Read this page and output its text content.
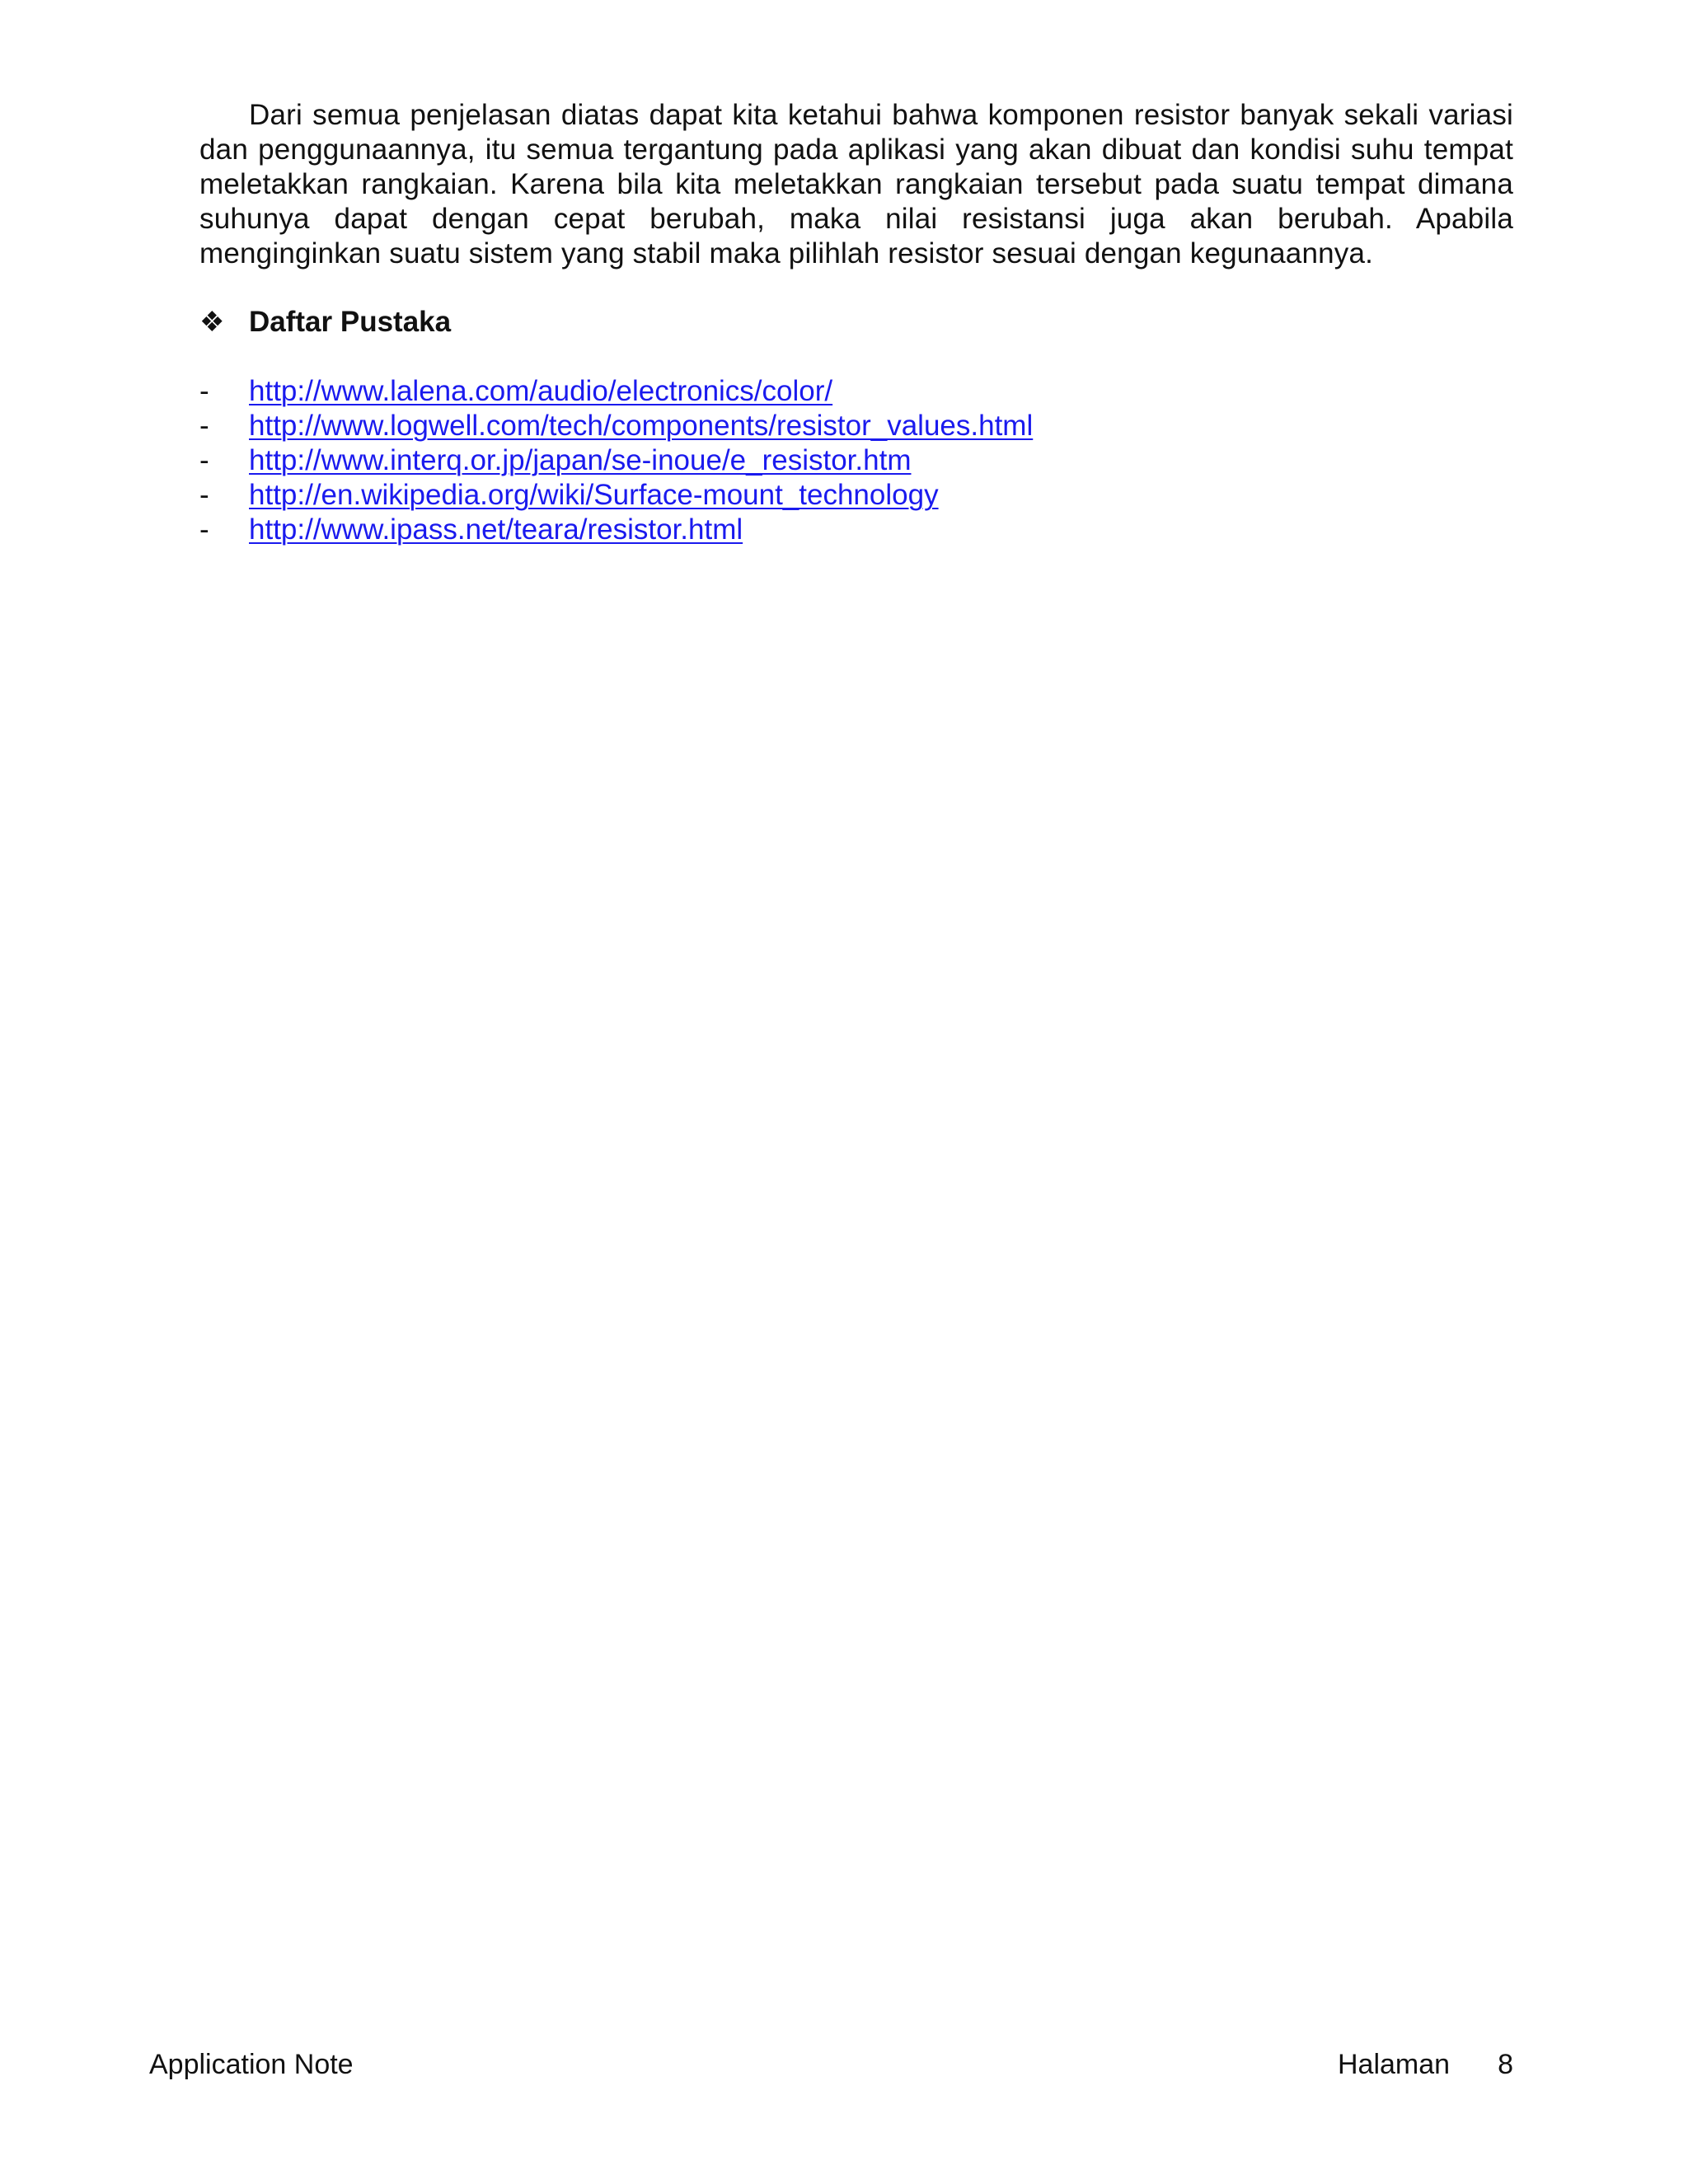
Dari semua penjelasan diatas dapat kita ketahui bahwa komponen resistor banyak sekali variasi dan penggunaannya, itu semua tergantung pada aplikasi yang akan dibuat dan kondisi suhu tempat meletakkan rangkaian. Karena bila kita meletakkan rangkaian tersebut pada suatu tempat dimana suhunya dapat dengan cepat berubah, maka nilai resistansi juga akan berubah. Apabila menginginkan suatu sistem yang stabil maka pilihlah resistor sesuai dengan kegunaannya.

❖ Daftar Pustaka
-	http://www.lalena.com/audio/electronics/color/
-	http://www.logwell.com/tech/components/resistor_values.html
-	http://www.interq.or.jp/japan/se-inoue/e_resistor.htm
-	http://en.wikipedia.org/wiki/Surface-mount_technology
-	http://www.ipass.net/teara/resistor.html
Application Note	Halaman 8
